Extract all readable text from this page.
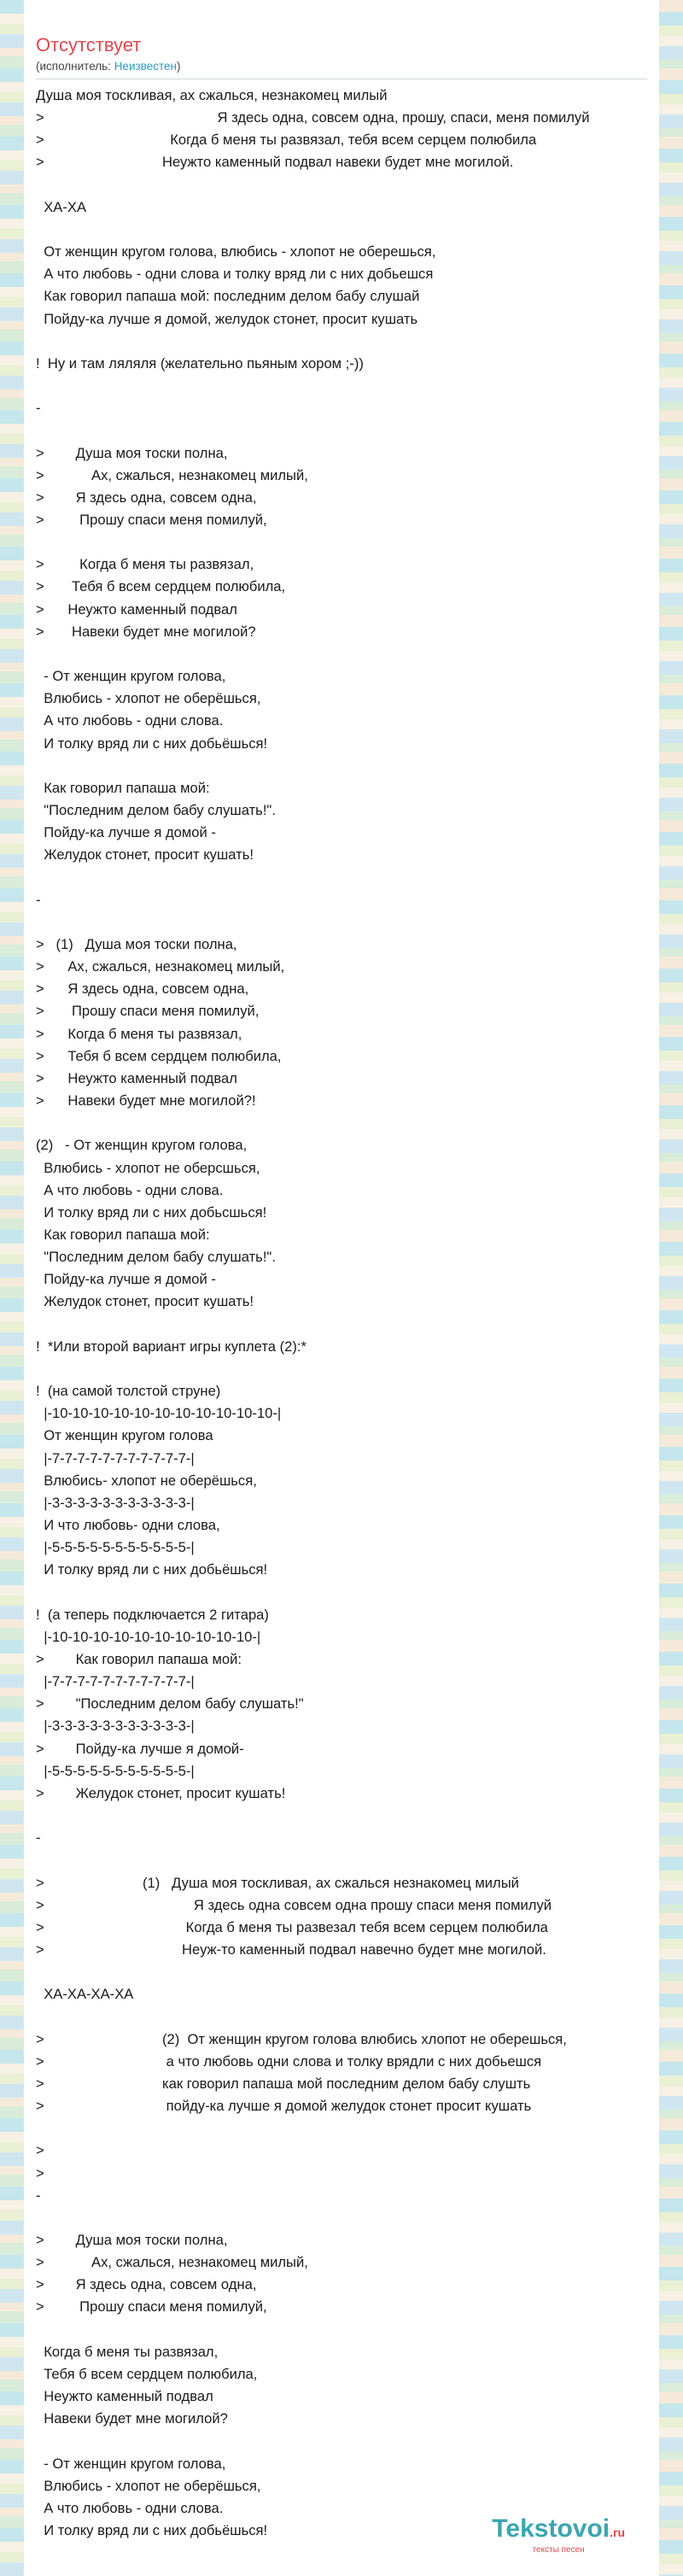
Отсутствует
(исполнитель: Неизвестен)
Душа моя тоскливая, ах сжалься, незнакомец милый
>                                            Я здесь одна, совсем одна, прошу, спаси, меня помилуй
>                                Когда б меня ты развязал, тебя всем серцем полюбила
>                              Неужто каменный подвал навеки будет мне могилой.

ХА-ХА

От женщин кругом голова, влюбись - хлопот не оберешься,
А что любовь - одни слова и толку вряд ли с них добьешся
Как говорил папаша мой: последним делом бабу слушай
Пойду-ка лучше я домой, желудок стонет, просит кушать

!  Ну и там ляляля (желательно пьяным хором ;-))

-

>        Душа моя тоски полна,
>            Ах, сжалься, незнакомец милый,
>        Я здесь одна, совсем одна,
>         Прошу спаси меня помилуй,

>         Когда б меня ты развязал,
>       Тебя б всем сердцем полюбила,
>      Неужто каменный подвал
>       Навеки будет мне могилой?

- От женщин кругом голова,
Влюбись - хлопот не оберёшься,
А что любовь - одни слова.
И толку вряд ли с них добьёшься!

Как говорил папаша мой:
"Последним делом бабу слушать!".
Пойду-ка лучше я домой -
Желудок стонет, просит кушать!

-

>   (1)   Душа моя тоски полна,
>      Ах, сжалься, незнакомец милый,
>      Я здесь одна, совсем одна,
>       Прошу спаси меня помилуй,
>      Когда б меня ты развязал,
>      Тебя б всем сердцем полюбила,
>      Неужто каменный подвал
>      Навеки будет мне могилой?!

(2)   - От женщин кругом голова,
Влюбись - хлопот не оберсшься,
А что любовь - одни слова.
И толку вряд ли с них добьсшься!
Как говорил папаша мой:
"Последним делом бабу слушать!".
Пойду-ка лучше я домой -
Желудок стонет, просит кушать!

!  *Или второй вариант игры куплета (2):*

!  (на самой толстой струне)
|-10-10-10-10-10-10-10-10-10-10-10-|
От женщин кругом голова
|-7-7-7-7-7-7-7-7-7-7-7-|
Влюбись- хлопот не оберёшься,
|-3-3-3-3-3-3-3-3-3-3-3-|
И что любовь- одни слова,
|-5-5-5-5-5-5-5-5-5-5-5-|
И толку вряд ли с них добьёшься!

!  (а теперь подключается 2 гитара)
|-10-10-10-10-10-10-10-10-10-10-|
>        Как говорил папаша мой:
|-7-7-7-7-7-7-7-7-7-7-7-|
>        "Последним делом бабу слушать!"
|-3-3-3-3-3-3-3-3-3-3-3-|
>        Пойду-ка лучше я домой-
|-5-5-5-5-5-5-5-5-5-5-5-|
>        Желудок стонет, просит кушать!

-

>                         (1)   Душа моя тоскливая, ах сжалься незнакомец милый
>                                      Я здесь одна совсем одна прошу спаси меня помилуй
>                                    Когда б меня ты развезал тебя всем серцем полюбила
>                                   Неуж-то каменный подвал навечно будет мне могилой.

ХА-ХА-ХА-ХА

>                              (2)  От женщин кругом голова влюбись хлопот не оберешься,
>                               а что любовь одни слова и толку врядли с них добьешся
>                              как говорил папаша мой последним делом бабу слушть
>                               пойду-ка лучше я домой желудок стонет просит кушать

>
>
-

>        Душа моя тоски полна,
>            Ах, сжалься, незнакомец милый,
>        Я здесь одна, совсем одна,
>         Прошу спаси меня помилуй,

Когда б меня ты развязал,
Тебя б всем сердцем полюбила,
Неужто каменный подвал
Навеки будет мне могилой?

- От женщин кругом голова,
Влюбись - хлопот не оберёшься,
А что любовь - одни слова.
И толку вряд ли с них добьёшься!	Tekstovoi.ru
тексты песен
